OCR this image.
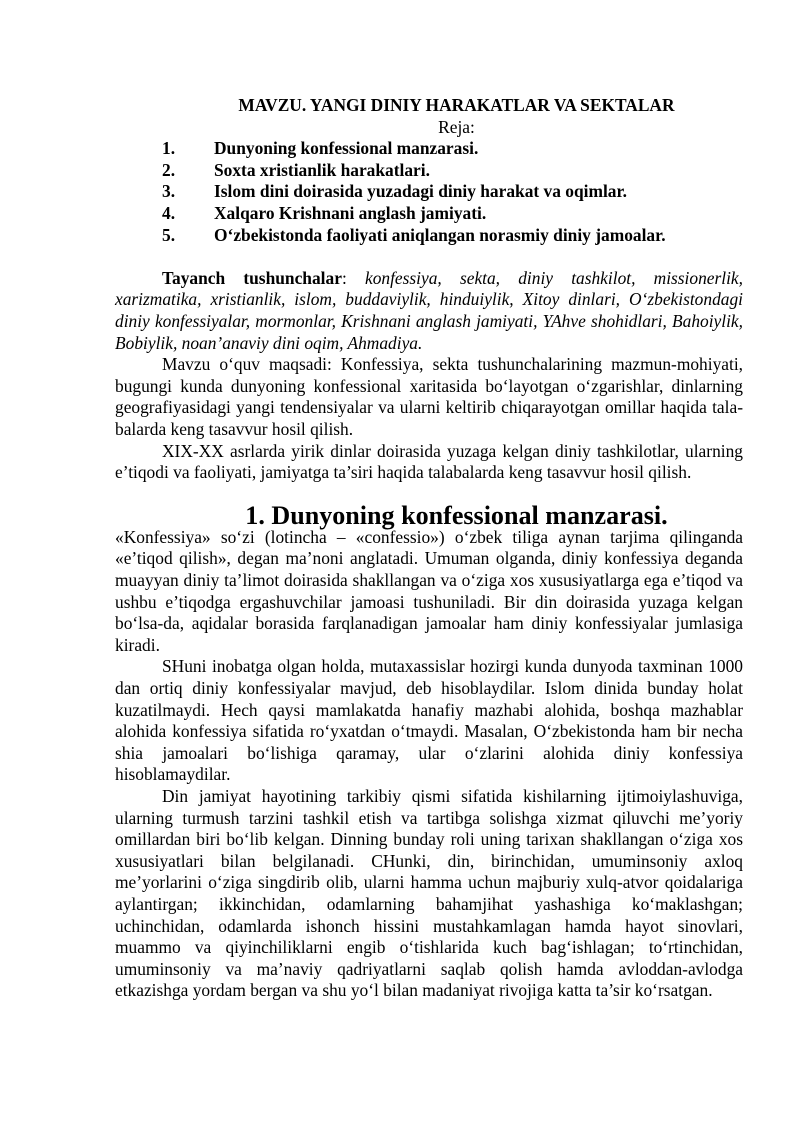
MAVZU. YANGI DINIY HARAKATLAR VA SEKTALAR
Reja:
1.	Dunyoning konfessional manzarasi.
2.	Soxta xristianlik harakatlari.
3.	Islom dini doirasida yuzadagi diniy harakat va oqimlar.
4.	Xalqaro Krishnani anglash jamiyati.
5.	O‘zbekistonda faoliyati aniqlangan norasmiy diniy jamoalar.

Tayanch tushunchalar: konfessiya, sekta, diniy tashkilot, missionerlik, xarizmatika, xristianlik, islom, buddaviylik, hinduiylik, Xitoy dinlari, O‘zbekistondagi diniy konfessiyalar, mormonlar, Krishnani anglash jamiyati, YAhve shohidlari, Bahoiylik, Bobiylik, noan’anaviy dini oqim, Ahmadiya.

Mavzu o‘quv maqsadi: Konfessiya, sekta tushunchalarining mazmun-mohiyati, bugungi kunda dunyoning konfessional xaritasida bo‘layotgan o‘zgarishlar, dinlarning geografiyasidagi yangi tendensiyalar va ularni keltirib chiqarayotgan omillar haqida tala-balarda keng tasavvur hosil qilish.

XIX-XX asrlarda yirik dinlar doirasida yuzaga kelgan diniy tashkilotlar, ularning e’tiqodi va faoliyati, jamiyatga ta’siri haqida talabalarda keng tasavvur hosil qilish.

1. Dunyoning konfessional manzarasi.

«Konfessiya» so‘zi (lotincha – «confessio») o‘zbek tiliga aynan tarjima qilinganda «e’tiqod qilish», degan ma’noni anglatadi. Umuman olganda, diniy konfessiya deganda muayyan diniy ta’limot doirasida shakllangan va o‘ziga xos xususiyatlarga ega e’tiqod va ushbu e’tiqodga ergashuvchilar jamoasi tushuniladi. Bir din doirasida yuzaga kelgan bo‘lsa-da, aqidalar borasida farqlanadigan jamoalar ham diniy konfessiyalar jumlasiga kiradi.

SHuni inobatga olgan holda, mutaxassislar hozirgi kunda dunyoda taxminan 1000 dan ortiq diniy konfessiyalar mavjud, deb hisoblaydilar. Islom dinida bunday holat kuzatilmaydi. Hech qaysi mamlakatda hanafiy mazhabi alohida, boshqa mazhablar alohida konfessiya sifatida ro‘yxatdan o‘tmaydi. Masalan, O‘zbekistonda ham bir necha shia jamoalari bo‘lishiga qaramay, ular o‘zlarini alohida diniy konfessiya hisoblamaydilar.

Din jamiyat hayotining tarkibiy qismi sifatida kishilarning ijtimoiylashuviga, ularning turmush tarzini tashkil etish va tartibga solishga xizmat qiluvchi me’yoriy omillardan biri bo‘lib kelgan. Dinning bunday roli uning tarixan shakllangan o‘ziga xos xususiyatlari bilan belgilanadi. CHunki, din, birinchidan, umuminsoniy axloq me’yorlarini o‘ziga singdirib olib, ularni hamma uchun majburiy xulq-atvor qoidalariga aylantirgan; ikkinchidan, odamlarning bahamjihat yashashiga ko‘maklashgan; uchinchidan, odamlarda ishonch hissini mustahkamlagan hamda hayot sinovlari, muammo va qiyinchiliklarni engib o‘tishlarida kuch bag‘ishlagan; to‘rtinchidan, umuminsoniy va ma’naviy qadriyatlarni saqlab qolish hamda avloddan-avlodga etkazishga yordam bergan va shu yo‘l bilan madaniyat rivojiga katta ta’sir ko‘rsatgan.
